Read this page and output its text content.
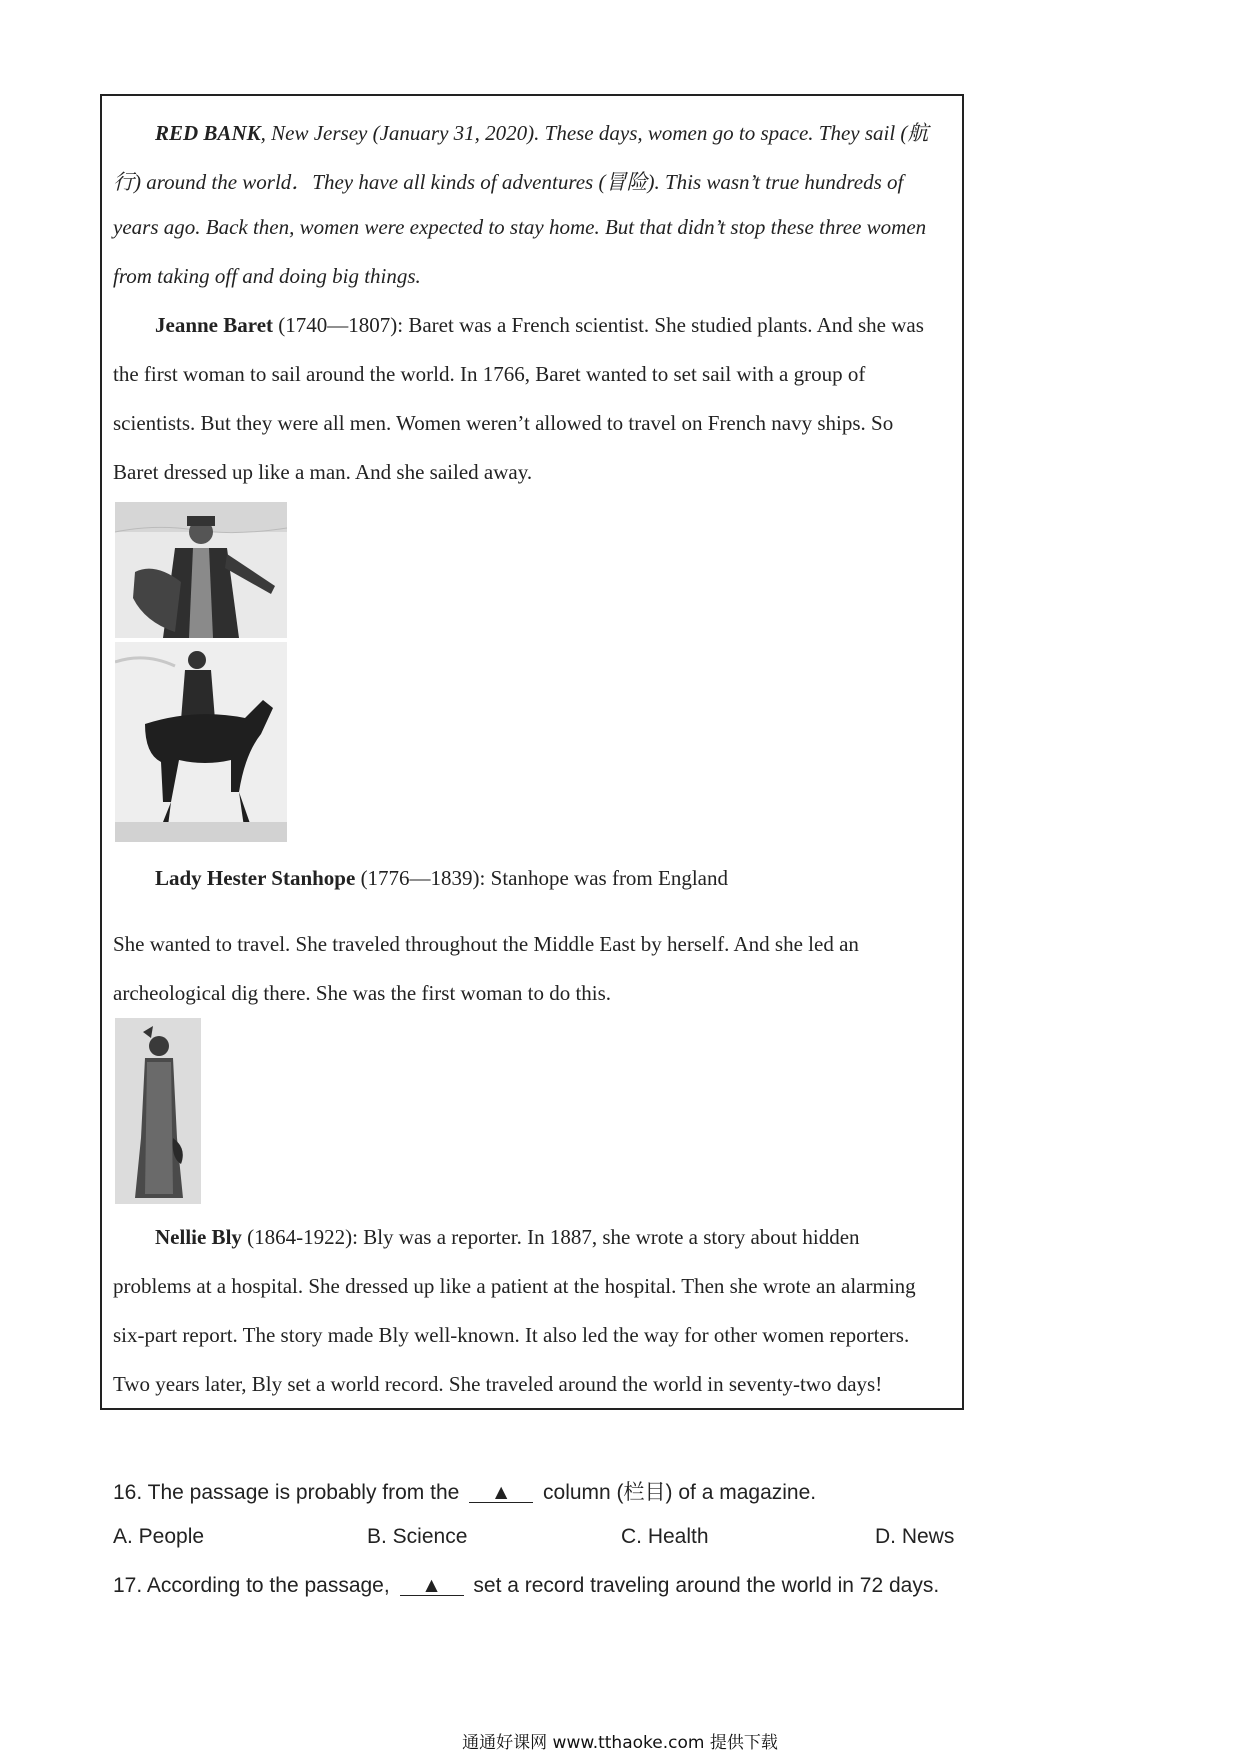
RED BANK, New Jersey (January 31, 2020). These days, women go to space. They sail (航
行) around the world．They have all kinds of adventures (冒险). This wasn’t true hundreds of
years ago. Back then, women were expected to stay home. But that didn’t stop these three women
from taking off and doing big things.
Jeanne Baret (1740—1807): Baret was a French scientist. She studied plants. And she was
the first woman to sail around the world. In 1766, Baret wanted to set sail with a group of
scientists. But they were all men. Women weren’t allowed to travel on French navy ships. So
Baret dressed up like a man. And she sailed away.
Lady Hester Stanhope (1776—1839): Stanhope was from England
She wanted to travel. She traveled throughout the Middle East by herself. And she led an
archeological dig there. She was the first woman to do this.
Nellie Bly (1864-1922): Bly was a reporter. In 1887, she wrote a story about hidden
problems at a hospital. She dressed up like a patient at the hospital. Then she wrote an alarming
six-part report. The story made Bly well-known. It also led the way for other women reporters.
Two years later, Bly set a world record. She traveled around the world in seventy-two days!
16. The passage is probably from the ▲ column (栏目) of a magazine.
A. People	B. Science	C. Health	D. News
17. According to the passage, ▲ set a record traveling around the world in 72 days.
通通好课网 www.tthaoke.com 提供下载
